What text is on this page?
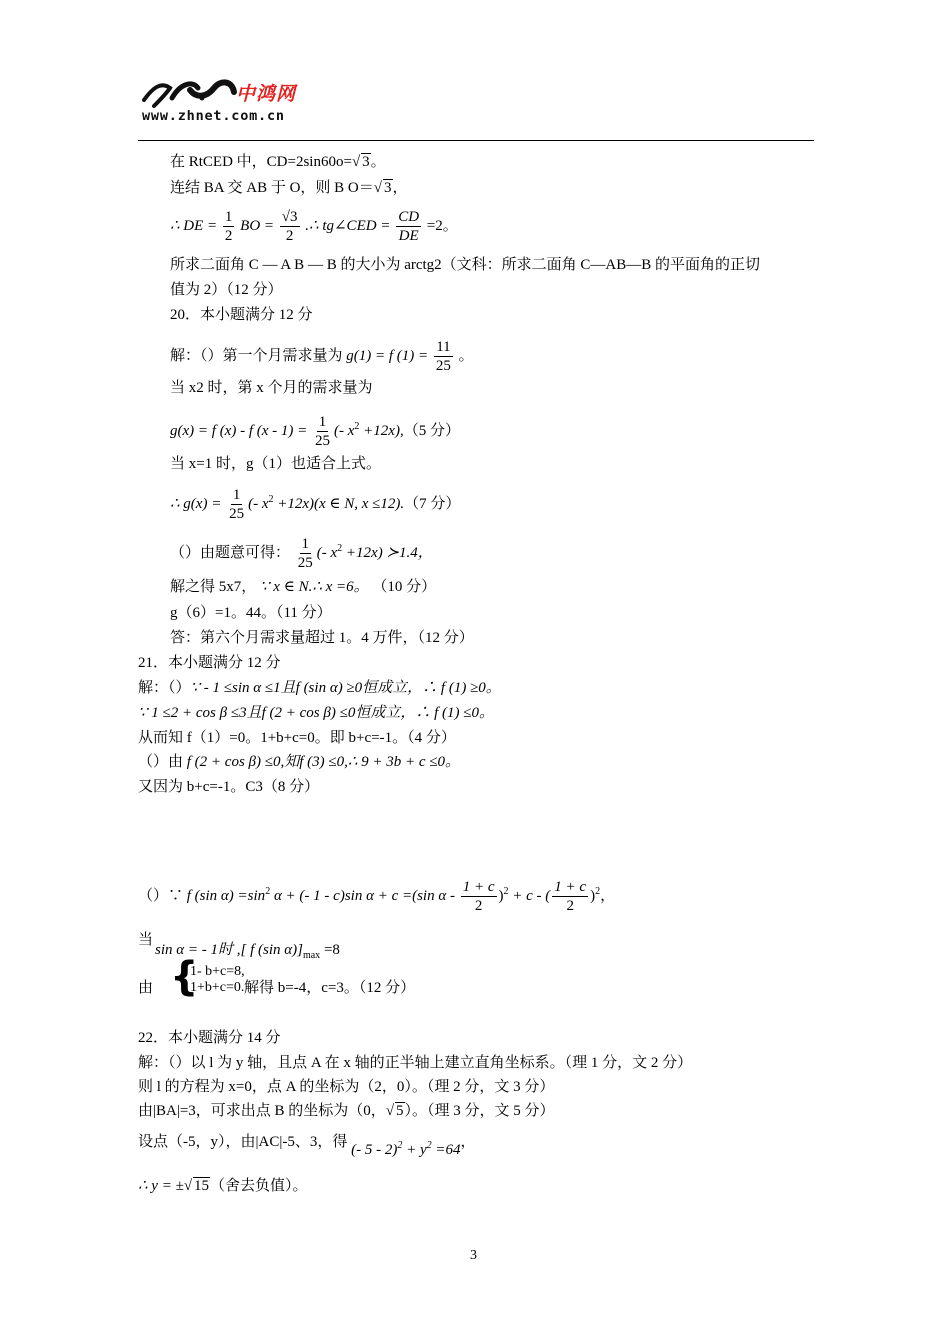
中鸿网
www.zhnet.com.cn
在 RtCED 中，CD=2sin60o=√ 3。
连结 BA 交 AB 于 O，则 B O＝√ 3，
∴ DE = $\frac{1}{2}$ BO = $\frac{√3}{2}$ .∴ tg∠CED = $\frac{CD}{DE} =2$。
所求二面角 C — A B — B 的大小为 arctg2（文科：所求二面角 C—AB—B 的平面角的正切
值为 2）（12 分）
20．本小题满分 12 分
解：（）第一个月需求量为 g(1) = f $(1) = \frac{11}{25}$ 。
当 x2 时，第 x 个月的需求量为
g(x) = f (x) - f $(x - 1) = \frac{1}{25}$ (- $x^2 +12x),(5$ 分）
当 x=1 时，g（1）也适合上式。
∴ $g(x) = \frac{1}{25}$ (- $x^2 +12x)(x$ ∈ N, x ≤12).（7 分）
（）由题意可得： $\frac{1}{25}$ (- $x^2 +12x$) ≻1.4，
解之得 5x7， ∵ x ∈ N.∴ x =6。 （10 分）
g（6）=1。44。（11 分）
答：第六个月需求量超过 1。4 万件，（12 分）
21．本小题满分 12 分
解：（）∵ - 1 ≤sin α ≤1且f (sin α) ≥0恒成立，∴ f (1) ≥0。
∵ 1 ≤2 + cos β ≤3且f (2 + cos β) ≤0恒成立，∴ f (1) ≤0。
从而知 f（1）=0。1+b+c=0。即 b+c=-1。（4 分）
（）由 f (2 + cos β) ≤0,知f (3) ≤0,∴ 9 + 3b + c ≤0。
又因为 b+c=-1。C3（8 分）
（）∵ f (sin $\alpha) =\sin^2$ α + (- 1 - c)sin α + c =(sin $\alpha - \frac{1 + c}{2} )^2 + c$ - ( $\frac{1 + c}{2} )^2$，
当
sin α = - 1时 ,[ f (sin $\alpha)]_{max} =8$
由 {
1- b+c=8,
1+b+c=0. 解得 b=-4，c=3。（12 分）
22．本小题满分 14 分
解：（）以 l 为 y 轴，且点 A 在 x 轴的正半轴上建立直角坐标系。（理 1 分，文 2 分）
则 l 的方程为 x=0，点 A 的坐标为（2，0）。（理 2 分，文 3 分）
由|BA|=3，可求出点 B 的坐标为（0，√ 5）。（理 3 分，文 5 分）
设点（-5，y），由|AC|-5、3，得 (- $5 - 2)^2 + y^2 =64$，
∴ y = ±√ 15（舍去负值）。
3
